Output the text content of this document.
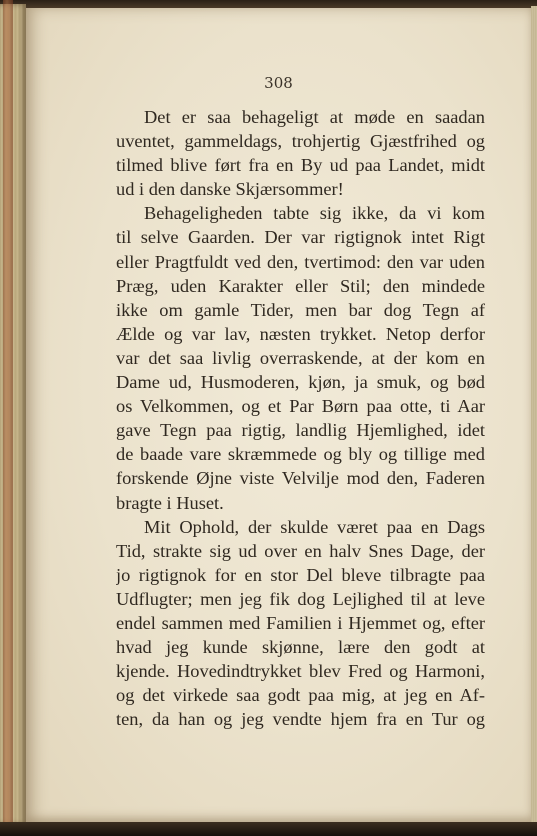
308

Det er saa behageligt at møde en saadan
uventet, gammeldags, trohjertig Gjæstfrihed og
tilmed blive ført fra en By ud paa Landet, midt
ud i den danske Skjærsommer!
Behageligheden tabte sig ikke, da vi kom
til selve Gaarden. Der var rigtignok intet Rigt
eller Pragtfuldt ved den, tvertimod: den var uden
Præg, uden Karakter eller Stil; den mindede
ikke om gamle Tider, men bar dog Tegn af
Ælde og var lav, næsten trykket. Netop derfor
var det saa livlig overraskende, at der kom en
Dame ud, Husmoderen, kjøn, ja smuk, og bød
os Velkommen, og et Par Børn paa otte, ti Aar
gave Tegn paa rigtig, landlig Hjemlighed, idet
de baade vare skræmmede og bly og tillige med
forskende Øjne viste Velvilje mod den, Faderen
bragte i Huset.
Mit Ophold, der skulde været paa en Dags
Tid, strakte sig ud over en halv Snes Dage, der
jo rigtignok for en stor Del bleve tilbragte paa
Udflugter; men jeg fik dog Lejlighed til at leve
endel sammen med Familien i Hjemmet og, efter
hvad jeg kunde skjønne, lære den godt at
kjende. Hovedindtrykket blev Fred og Harmoni,
og det virkede saa godt paa mig, at jeg en Af-
ten, da han og jeg vendte hjem fra en Tur og
